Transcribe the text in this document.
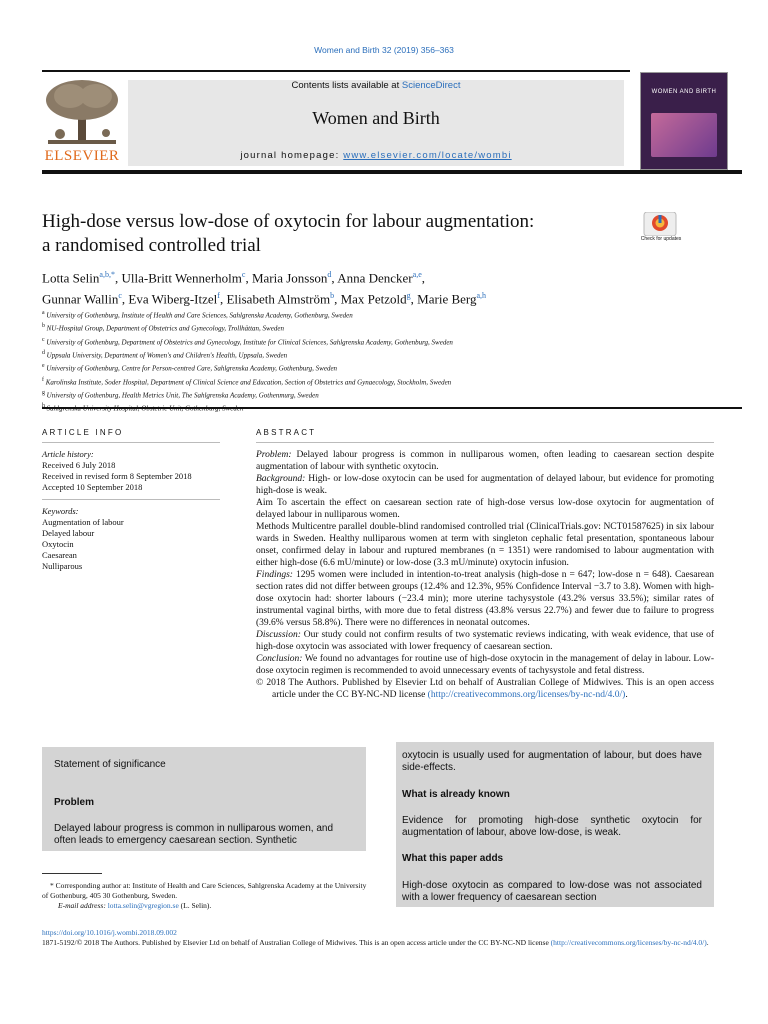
Women and Birth 32 (2019) 356–363
ELSEVIER
Contents lists available at ScienceDirect
Women and Birth
journal homepage: www.elsevier.com/locate/wombi
WOMEN AND BIRTH
High-dose versus low-dose of oxytocin for labour augmentation:
a randomised controlled trial	Check for updates
Lotta Selin$^{a,b,*}$, Ulla-Britt Wennerholm$^c$, Maria Jonsson$^d$, Anna Dencker$^{a,e}$,
Gunnar Wallin$^c$, Eva Wiberg-Itzel$^f$, Elisabeth Almström$^b$, Max Petzold$^g$, Marie Berg$^{a,h}$
$^a$ University of Gothenburg, Institute of Health and Care Sciences, Sahlgrenska Academy, Gothenburg, Sweden
$^b$ NU-Hospital Group, Department of Obstetrics and Gynecology, Trollhättan, Sweden
$^c$ University of Gothenburg, Department of Obstetrics and Gynecology, Institute for Clinical Sciences, Sahlgrenska Academy, Gothenburg, Sweden
$^d$ Uppsala University, Department of Women's and Children's Health, Uppsala, Sweden
$^e$ University of Gothenburg, Centre for Person-centred Care, Sahlgrenska Academy, Gothenburg, Sweden
$^f$ Karolinska Institute, Soder Hospital, Department of Clinical Science and Education, Section of Obstetrics and Gynaecology, Stockholm, Sweden
$^g$ University of Gothenburg, Health Metrics Unit, The Sahlgrenska Academy, Gothenmurg, Sweden
ARTICLE INFO
Article history:
Received 6 July 2018
Received in revised form 8 September 2018
Accepted 10 September 2018
Keywords:
Augmentation of labour
Delayed labour
Oxytocin
Caesarean
Nulliparous
ABSTRACT
Problem: Delayed labour progress is common in nulliparous women, often leading to caesarean section despite augmentation of labour with synthetic oxytocin.
Background: High- or low-dose oxytocin can be used for augmentation of delayed labour, but evidence for promoting high-dose is weak.
Aim To ascertain the effect on caesarean section rate of high-dose versus low-dose oxytocin for augmentation of delayed labour in nulliparous women.
Methods Multicentre parallel double-blind randomised controlled trial (ClinicalTrials.gov: NCT01587625) in six labour wards in Sweden. Healthy nulliparous women at term with singleton cephalic fetal presentation, spontaneous labour onset, confirmed delay in labour and ruptured membranes (n = 1351) were randomised to labour augmentation with either high-dose (6.6 mU/minute) or low-dose (3.3 mU/minute) oxytocin infusion.
Findings: 1295 women were included in intention-to-treat analysis (high-dose n = 647; low-dose n = 648). Caesarean section rates did not differ between groups (12.4% and 12.3%, 95% Confidence Interval −3.7 to 3.8). Women with high-dose oxytocin had: shorter labours (−23.4 min); more uterine tachysystole (43.2% versus 33.5%); similar rates of instrumental vaginal births, with more due to fetal distress (43.8% versus 22.7%) and fewer due to failure to progress (39.6% versus 58.8%). There were no differences in neonatal outcomes.
Discussion: Our study could not confirm results of two systematic reviews indicating, with weak evidence, that use of high-dose oxytocin was associated with lower frequency of caesarean section.
Conclusion: We found no advantages for routine use of high-dose oxytocin in the management of delay in labour. Low-dose oxytocin regimen is recommended to avoid unnecessary events of tachysystole and fetal distress.
© 2018 The Authors. Published by Elsevier Ltd on behalf of Australian College of Midwives. This is an open access article under the CC BY-NC-ND license (http://creativecommons.org/licenses/by-nc-nd/4.0/).
Statement of significance
Problem
Delayed labour progress is common in nulliparous women, and often leads to emergency caesarean section. Synthetic
oxytocin is usually used for augmentation of labour, but does have side-effects.
What is already known
Evidence for promoting high-dose synthetic oxytocin for augmentation of labour, above low-dose, is weak.
What this paper adds
High-dose oxytocin as compared to low-dose was not associated with a lower frequency of caesarean section
* Corresponding author at: Institute of Health and Care Sciences, Sahlgrenska Academy at the University of Gothenburg, 405 30 Gothenburg, Sweden.
E-mail address: lotta.selin@vgregion.se (L. Selin).
https://doi.org/10.1016/j.wombi.2018.09.002
1871-5192/© 2018 The Authors. Published by Elsevier Ltd on behalf of Australian College of Midwives. This is an open access article under the CC BY-NC-ND license (http://creativecommons.org/licenses/by-nc-nd/4.0/).
